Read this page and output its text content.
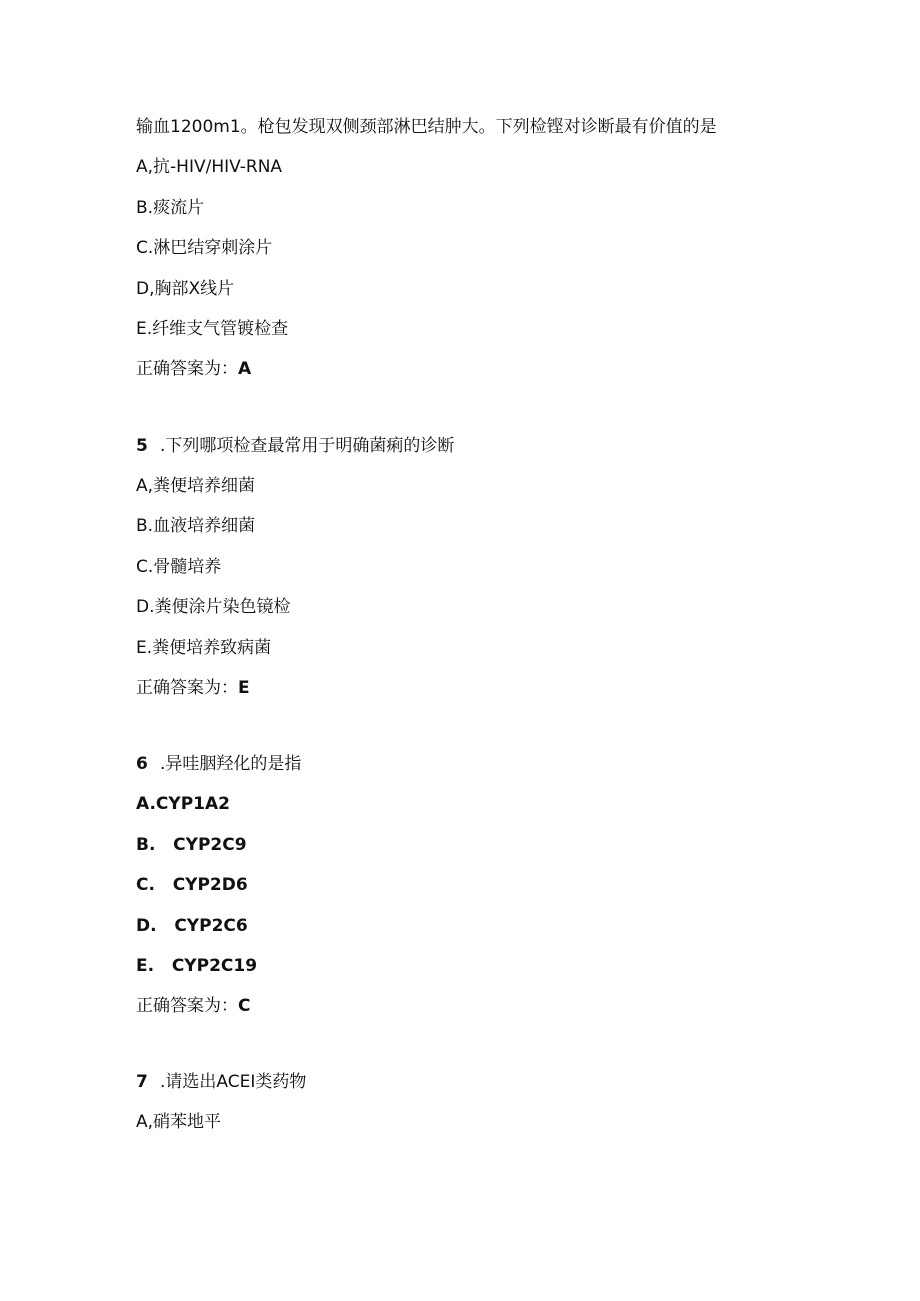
输血1200m1。枪包发现双侧颈部淋巴结肿大。下列检铿对诊断最有价值的是
A,抗-HIV/HIV-RNA
B.痰流片
C.淋巴结穿刺涂片
D,胸部X线片
E.纤维支气管镀检查
正确答案为：A
5 .下列哪项检查最常用于明确菌痢的诊断
A,粪便培养细菌
B.血液培养细菌
C.骨髓培养
D.粪便涂片染色镜检
E.粪便培养致病菌
正确答案为：E
6 .异哇胭羟化的是指
A.CYP1A2
B.   CYP2C9
C.   CYP2D6
D.   CYP2C6
E.   CYP2C19
正确答案为：C
7 .请选出ACEI类药物
A,硝苯地平
